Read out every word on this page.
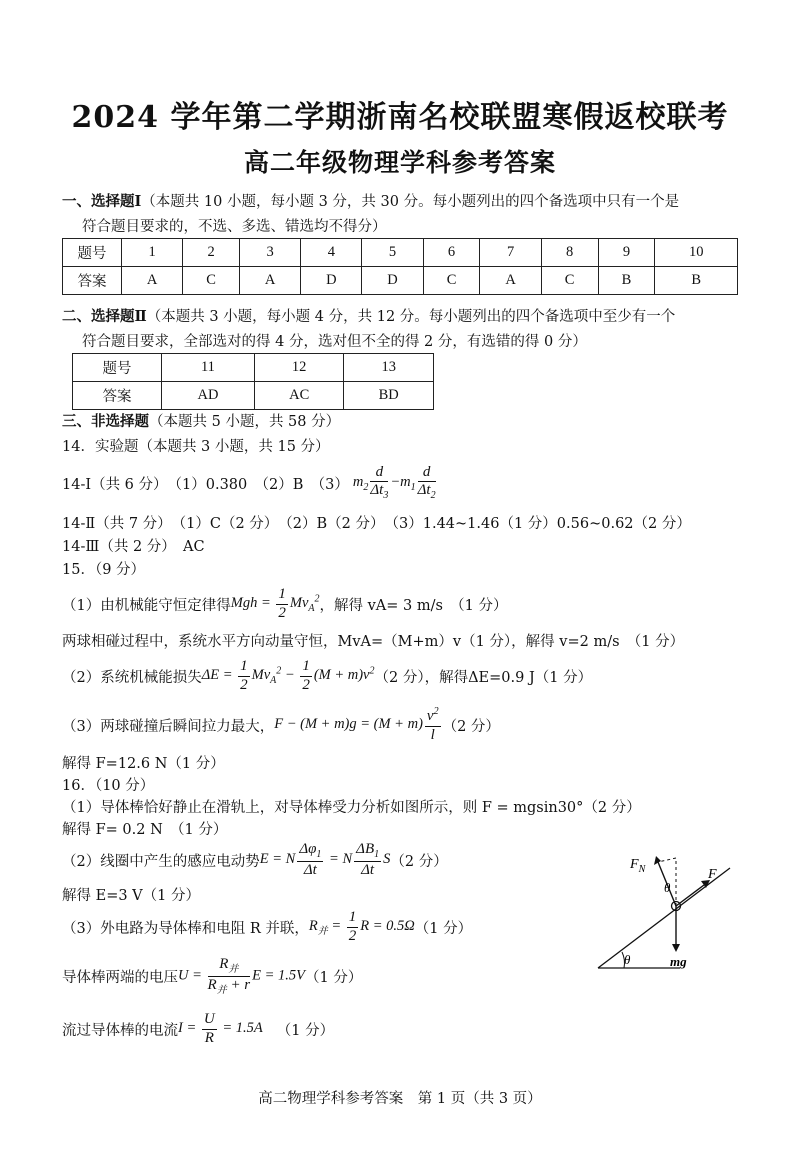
2024 学年第二学期浙南名校联盟寒假返校联考
高二年级物理学科参考答案
一、选择题Ⅰ（本题共 10 小题，每小题 3 分，共 30 分。每小题列出的四个备选项中只有一个是
符合题目要求的，不选、多选、错选均不得分）
题号	1	2	3	4	5	6	7	8	9	10
答案	A	C	A	D	D	C	A	C	B	B
二、选择题Ⅱ（本题共 3 小题，每小题 4 分，共 12 分。每小题列出的四个备选项中至少有一个
符合题目要求，全部选对的得 4 分，选对但不全的得 2 分，有选错的得 0 分）
题号	11	12	13
答案	AD	AC	BD
三、非选择题（本题共 5 小题，共 58 分）
14．实验题（本题共 3 小题，共 15 分）
14-Ⅰ（共 6 分）　（1）0.380　（2）B　（3） $m_2 \frac{d}{\Delta t_3} -m_1 \frac{d}{\Delta t_2}$
14-Ⅱ（共 7 分）　（1）C（2 分）　（2）B（2 分）　（3）1.44~1.46（1 分）0.56~0.62（2 分）
14-Ⅲ（共 2 分）　AC
15．（9 分）
（1）由机械能守恒定律得 Mgh = $\frac{1}{2} Mv_A^2$ ，解得 vA= 3 m/s　（1 分）
两球相碰过程中，系统水平方向动量守恒，MvA=（M+m）v（1 分），解得 v=2 m/s　（1 分）
（2）系统机械能损失 $\Delta E = \frac{1}{2} Mv_A^2 - \frac{1}{2} (M + m)v^2$ （2 分），解得ΔE=0.9 J（1 分）
（3）两球碰撞后瞬间拉力最大， $F - (M + m)g = (M + m) \frac{v^2}{l} (2$ 分）
解得 F=12.6 N（1 分）
16．（10 分）
（1）导体棒恰好静止在滑轨上，对导体棒受力分析如图所示，则 F = mgsin30°（2 分）
解得 F= 0.2 N　（1 分）
（2）线圈中产生的感应电动势 E = N $\frac{\Delta\varphi_1}{\Delta t} = N \frac{\Delta B_1}{\Delta t}$ S （2 分）
解得 E=3 V（1 分）
（3）外电路为导体棒和电阻 R 并联， $R_并 = \frac{1}{2}$ R = 0.5Ω （1 分）
导体棒两端的电压 $U = \frac{R_并}{R_并 + r}$ E = 1.5V （1 分）
流过导体棒的电流 $I = \frac{U}{R} = 1.5A$ （1 分）
θ
θ
$F_N$	F
mg
高二物理学科参考答案　第 1 页（共 3 页）
